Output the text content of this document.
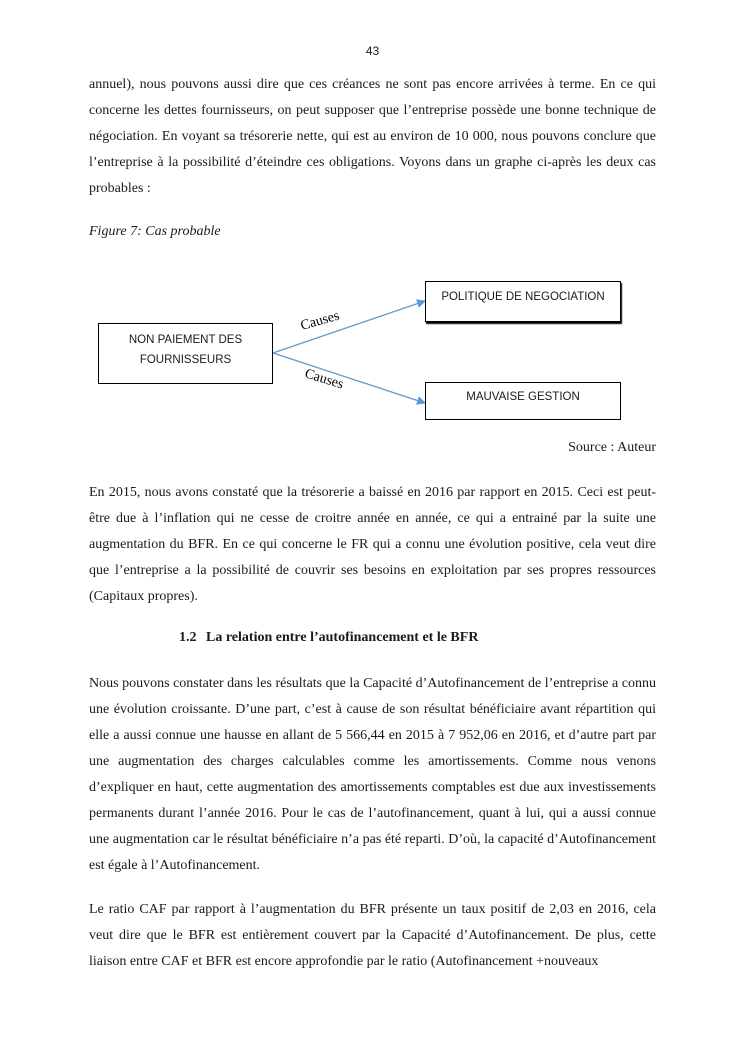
43

annuel), nous pouvons aussi dire que ces créances ne sont pas encore arrivées à terme. En ce qui concerne les dettes fournisseurs, on peut supposer que l’entreprise possède une bonne technique de négociation. En voyant sa trésorerie nette, qui est au environ de 10 000, nous pouvons conclure que l’entreprise à la possibilité d’éteindre ces obligations. Voyons dans un graphe ci-après les deux cas probables :

Figure 7: Cas probable
Causes
Causes
NON PAIEMENT DES
FOURNISSEURS
POLITIQUE DE NEGOCIATION
MAUVAISE GESTION
Source : Auteur

En 2015, nous avons constaté que la trésorerie a baissé en 2016 par rapport en 2015. Ceci est peut-être due à l’inflation qui ne cesse de croitre année en année, ce qui a entrainé par la suite une augmentation du BFR. En ce qui concerne le FR qui a connu une évolution positive, cela veut dire que l’entreprise a la possibilité de couvrir ses besoins en exploitation par ses propres ressources (Capitaux propres).

1.2 La relation entre l’autofinancement et le BFR

Nous pouvons constater dans les résultats que la Capacité d’Autofinancement de l’entreprise a connu une évolution croissante. D’une part, c’est à cause de son résultat bénéficiaire avant répartition qui elle a aussi connue une hausse en allant de 5 566,44 en 2015 à 7 952,06 en 2016, et d’autre part par une augmentation des charges calculables comme les amortissements. Comme nous venons d’expliquer en haut, cette augmentation des amortissements comptables est due aux investissements permanents durant l’année 2016. Pour le cas de l’autofinancement, quant à lui, qui a aussi connue une augmentation car le résultat bénéficiaire n’a pas été reparti. D’où, la capacité d’Autofinancement est égale à l’Autofinancement.

Le ratio CAF par rapport à l’augmentation du BFR présente un taux positif de 2,03 en 2016, cela veut dire que le BFR est entièrement couvert par la Capacité d’Autofinancement. De plus, cette liaison entre CAF et BFR est encore approfondie par le ratio (Autofinancement +nouveaux
